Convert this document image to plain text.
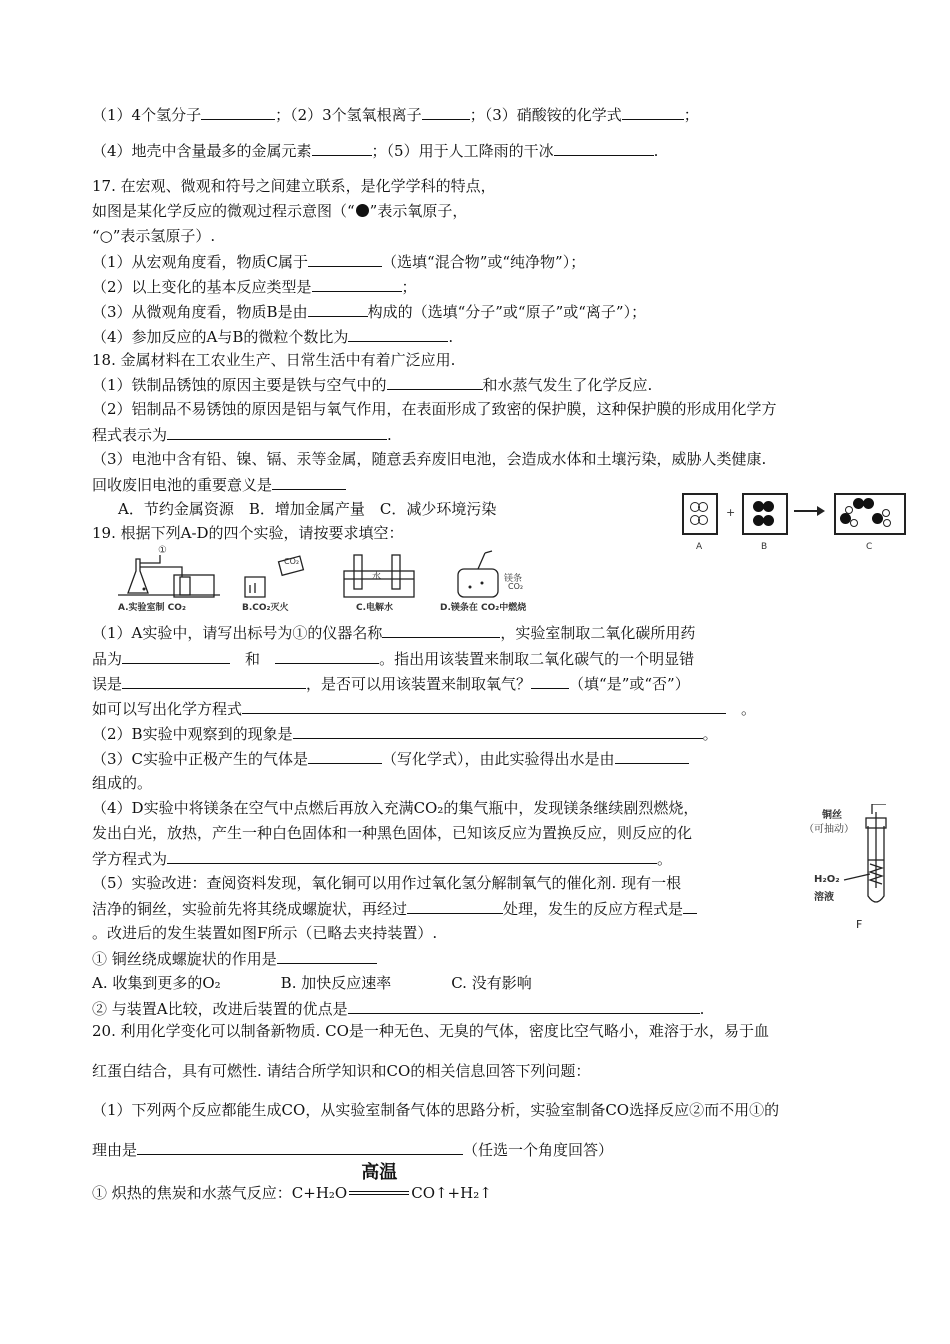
（1）4个氢分子	；（2）3个氢氧根离子	；（3）硝酸铵的化学式	；
（4）地壳中含量最多的金属元素	；（5）用于人工降雨的干冰	.
17. 在宏观、微观和符号之间建立联系，是化学学科的特点，
如图是某化学反应的微观过程示意图（“ ”表示氧原子，
“○”表示氢原子）.
（1）从宏观角度看，物质C属于	（选填“混合物”或“纯净物”）；
（2）以上变化的基本反应类型是	；
（3）从微观角度看，物质B是由	构成的（选填“分子”或“原子”或“离子”）；
（4）参加反应的A与B的微粒个数比为	.
18. 金属材料在工农业生产、日常生活中有着广泛应用.
（1）铁制品锈蚀的原因主要是铁与空气中的	和水蒸气发生了化学反应.
（2）铝制品不易锈蚀的原因是铝与氧气作用，在表面形成了致密的保护膜，这种保护膜的形成用化学方
程式表示为	.
（3）电池中含有铅、镍、镉、汞等金属，随意丢弃废旧电池，会造成水体和土壤污染，威胁人类健康.
回收废旧电池的重要意义是
A．节约金属资源　B．增加金属产量　C．减少环境污染
A
+
B	C
19. 根据下列A-D的四个实验，请按要求填空：
①
CO₂
水	镁条
CO₂
A.实验室制 CO₂	B.CO₂灭火	C.电解水	D.镁条在 CO₂中燃烧
（1）A实验中，请写出标号为①的仪器名称	，实验室制取二氧化碳所用药
品为　	和　	。指出用该装置来制取二氧化碳气的一个明显错
误是	，是否可以用该装置来制取氧气？	（填“是”或“否”）
如可以写出化学方程式　	。
（2）B实验中观察到的现象是	。
（3）C实验中正极产生的气体是	（写化学式），由此实验得出水是由
组成的。
（4）D实验中将镁条在空气中点燃后再放入充满CO₂的集气瓶中，发现镁条继续剧烈燃烧，
发出白光，放热，产生一种白色固体和一种黑色固体，已知该反应为置换反应，则反应的化
学方程式为	。
（5）实验改进：查阅资料发现，氧化铜可以用作过氧化氢分解制氧气的催化剂. 现有一根
洁净的铜丝，实验前先将其绕成螺旋状，再经过	处理，发生的反应方程式是
。改进后的发生装置如图F所示（已略去夹持装置）.
① 铜丝绕成螺旋状的作用是
A. 收集到更多的O₂　　　　B. 加快反应速率　　　　C. 没有影响
② 与装置A比较，改进后装置的优点是	.
铜丝
（可抽动）
H₂O₂
溶液
F
20. 利用化学变化可以制备新物质. CO是一种无色、无臭的气体，密度比空气略小，难溶于水，易于血
红蛋白结合，具有可燃性. 请结合所学知识和CO的相关信息回答下列问题：
（1）下列两个反应都能生成CO，从实验室制备气体的思路分析，实验室制备CO选择反应②而不用①的
理由是	（任选一个角度回答）
① 炽热的焦炭和水蒸气反应：C+H₂O
高温
CO↑+H₂↑
